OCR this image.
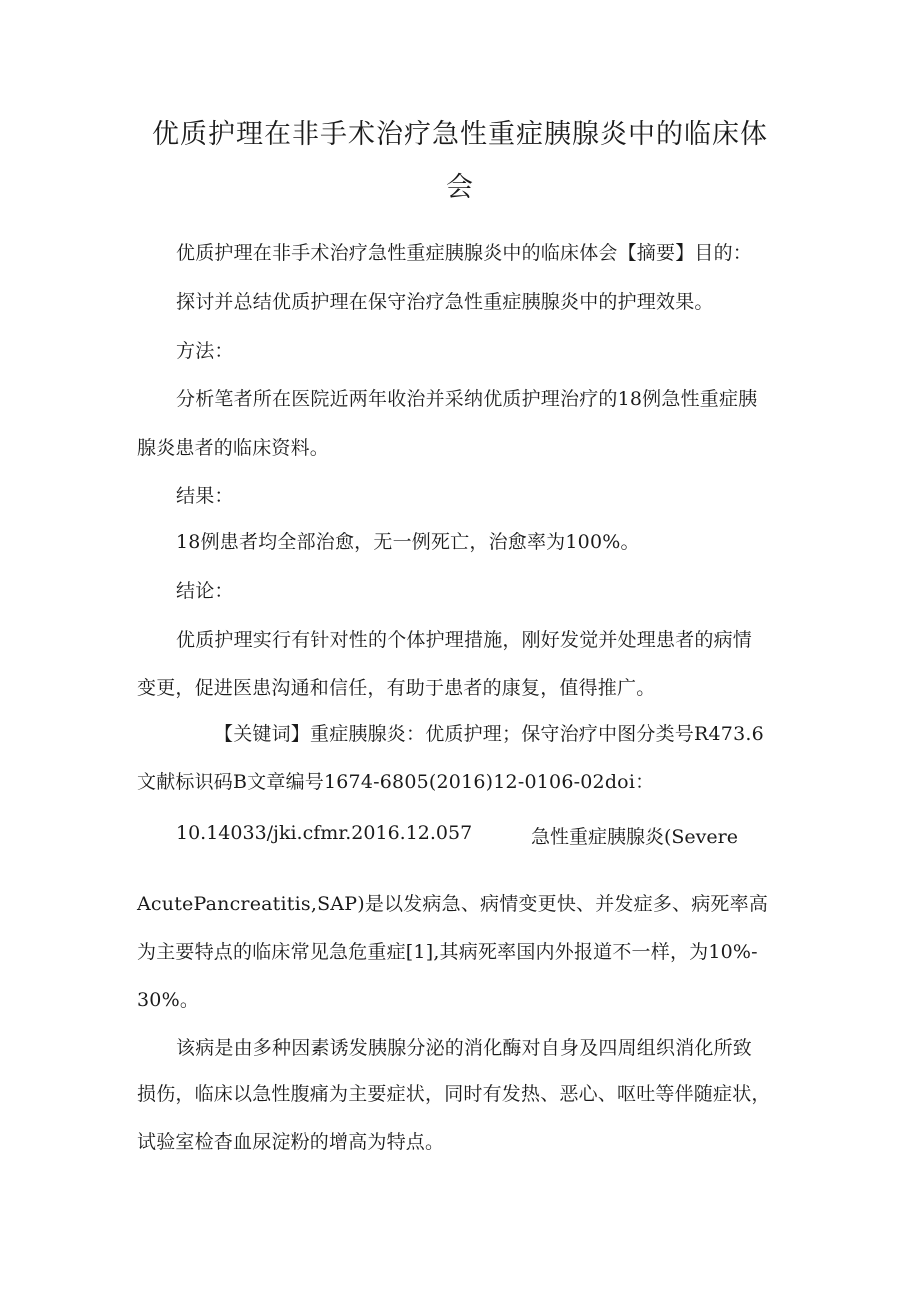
优质护理在非手术治疗急性重症胰腺炎中的临床体
会
优质护理在非手术治疗急性重症胰腺炎中的临床体会【摘要】目的：
探讨并总结优质护理在保守治疗急性重症胰腺炎中的护理效果。
方法：
分析笔者所在医院近两年收治并采纳优质护理治疗的18例急性重症胰
腺炎患者的临床资料。
结果：
18例患者均全部治愈，无一例死亡，治愈率为100%。
结论：
优质护理实行有针对性的个体护理措施，刚好发觉并处理患者的病情
变更，促进医患沟通和信任，有助于患者的康复，值得推广。
【关键词】重症胰腺炎：优质护理；保守治疗中图分类号R473.6
文献标识码B文章编号1674-6805(2016)12-0106-02doi：
10.14033/jki.cfmr.2016.12.057	急性重症胰腺炎(Severe
AcutePancreatitis,SAP)是以发病急、病情变更快、并发症多、病死率高
为主要特点的临床常见急危重症[1],其病死率国内外报道不一样，为10%-
30%。
该病是由多种因素诱发胰腺分泌的消化酶对自身及四周组织消化所致
损伤，临床以急性腹痛为主要症状，同时有发热、恶心、呕吐等伴随症状，
试验室检杳血尿淀粉的增高为特点。
